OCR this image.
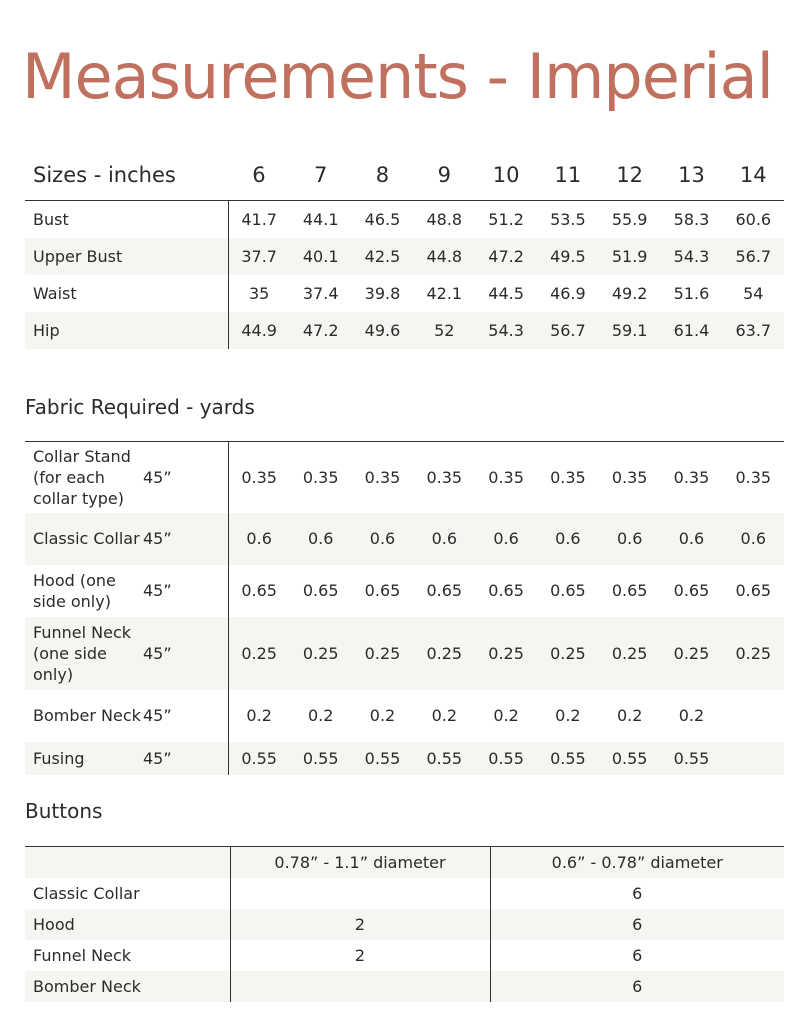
Measurements - Imperial
Sizes - inches	6	7	8	9	10	11	12	13	14
Bust	41.7	44.1	46.5	48.8	51.2	53.5	55.9	58.3	60.6
Upper Bust	37.7	40.1	42.5	44.8	47.2	49.5	51.9	54.3	56.7
Waist	35	37.4	39.8	42.1	44.5	46.9	49.2	51.6	54
Hip	44.9	47.2	49.6	52	54.3	56.7	59.1	61.4	63.7
Fabric Required - yards
Collar Stand (for each collar type)	45”	0.35	0.35	0.35	0.35	0.35	0.35	0.35	0.35	0.35
Classic Collar	45”	0.6	0.6	0.6	0.6	0.6	0.6	0.6	0.6	0.6
Hood (one side only)	45”	0.65	0.65	0.65	0.65	0.65	0.65	0.65	0.65	0.65
Funnel Neck (one side only)	45”	0.25	0.25	0.25	0.25	0.25	0.25	0.25	0.25	0.25
Bomber Neck	45”	0.2	0.2	0.2	0.2	0.2	0.2	0.2	0.2	
Fusing	45”	0.55	0.55	0.55	0.55	0.55	0.55	0.55	0.55	
Buttons
	0.78” - 1.1” diameter	0.6” - 0.78” diameter
Classic Collar		6
Hood	2	6
Funnel Neck	2	6
Bomber Neck		6
